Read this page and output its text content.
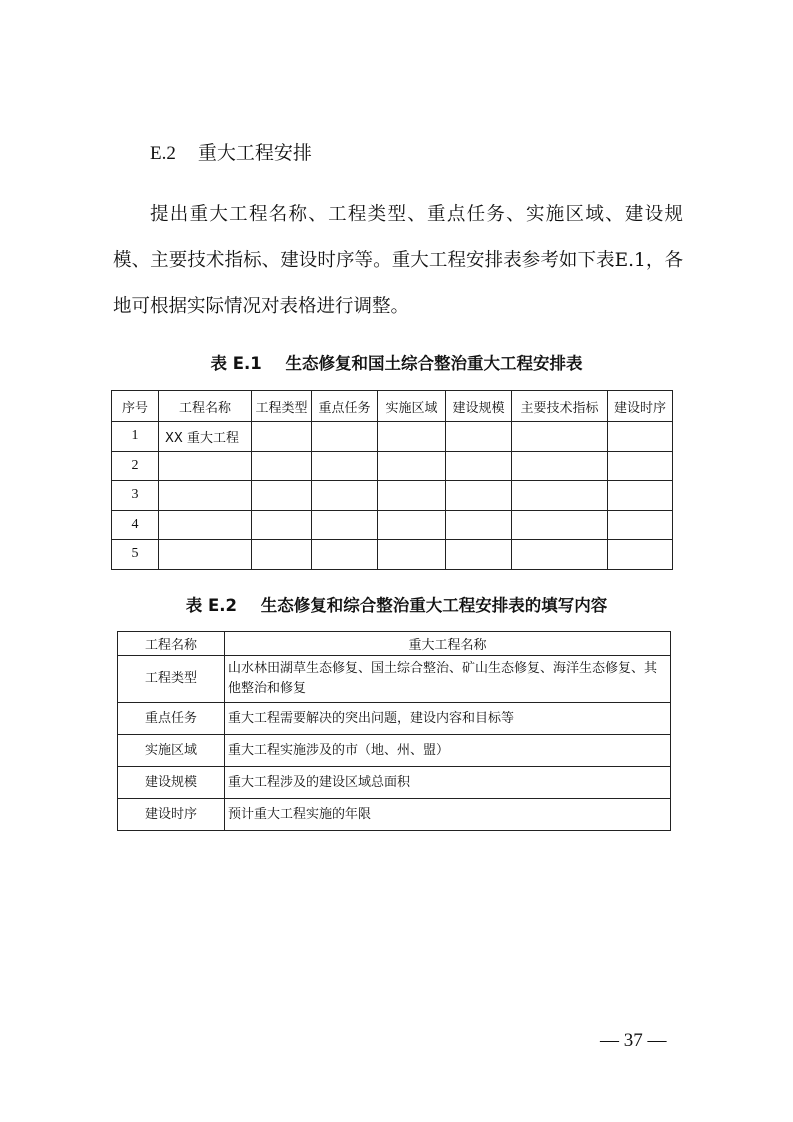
E.2 重大工程安排

提出重大工程名称、工程类型、重点任务、实施区域、建设规模、主要技术指标、建设时序等。重大工程安排表参考如下表E.1，各地可根据实际情况对表格进行调整。

表 E.1 生态修复和国土综合整治重大工程安排表
序号	工程名称	工程类型	重点任务	实施区域	建设规模	主要技术指标	建设时序
1	XX 重大工程						
2							
3							
4							
5							
表 E.2 生态修复和综合整治重大工程安排表的填写内容
工程名称	重大工程名称
工程类型	山水林田湖草生态修复、国土综合整治、矿山生态修复、海洋生态修复、其他整治和修复
重点任务	重大工程需要解决的突出问题，建设内容和目标等
实施区域	重大工程实施涉及的市（地、州、盟）
建设规模	重大工程涉及的建设区域总面积
建设时序	预计重大工程实施的年限
— 37 —
